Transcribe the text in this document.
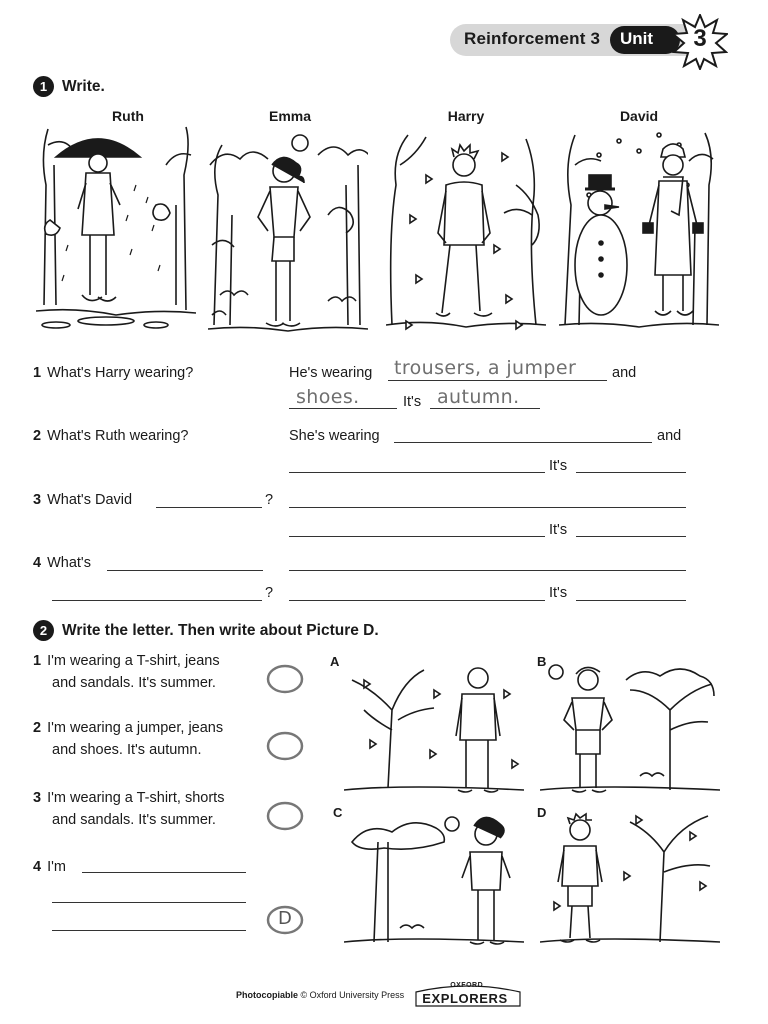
Reinforcement 3	Unit	3
1 Write.
Ruth	Emma	Harry	David
1 What's Harry wearing?	He's wearing trousers, a jumper and
shoes.	It's autumn.
2 What's Ruth wearing?	She's wearing	and
It's
3 What's David	?
It's
4 What's
?	It's
2 Write the letter. Then write about Picture D.
1 I'm wearing a T-shirt, jeans
and sandals. It's summer.
2 I'm wearing a jumper, jeans
and shoes. It's autumn.
3 I'm wearing a T-shirt, shorts
and sandals. It's summer.
4 I'm
D
A	B
C	D
Photocopiable © Oxford University Press
OXFORD
EXPLORERS
